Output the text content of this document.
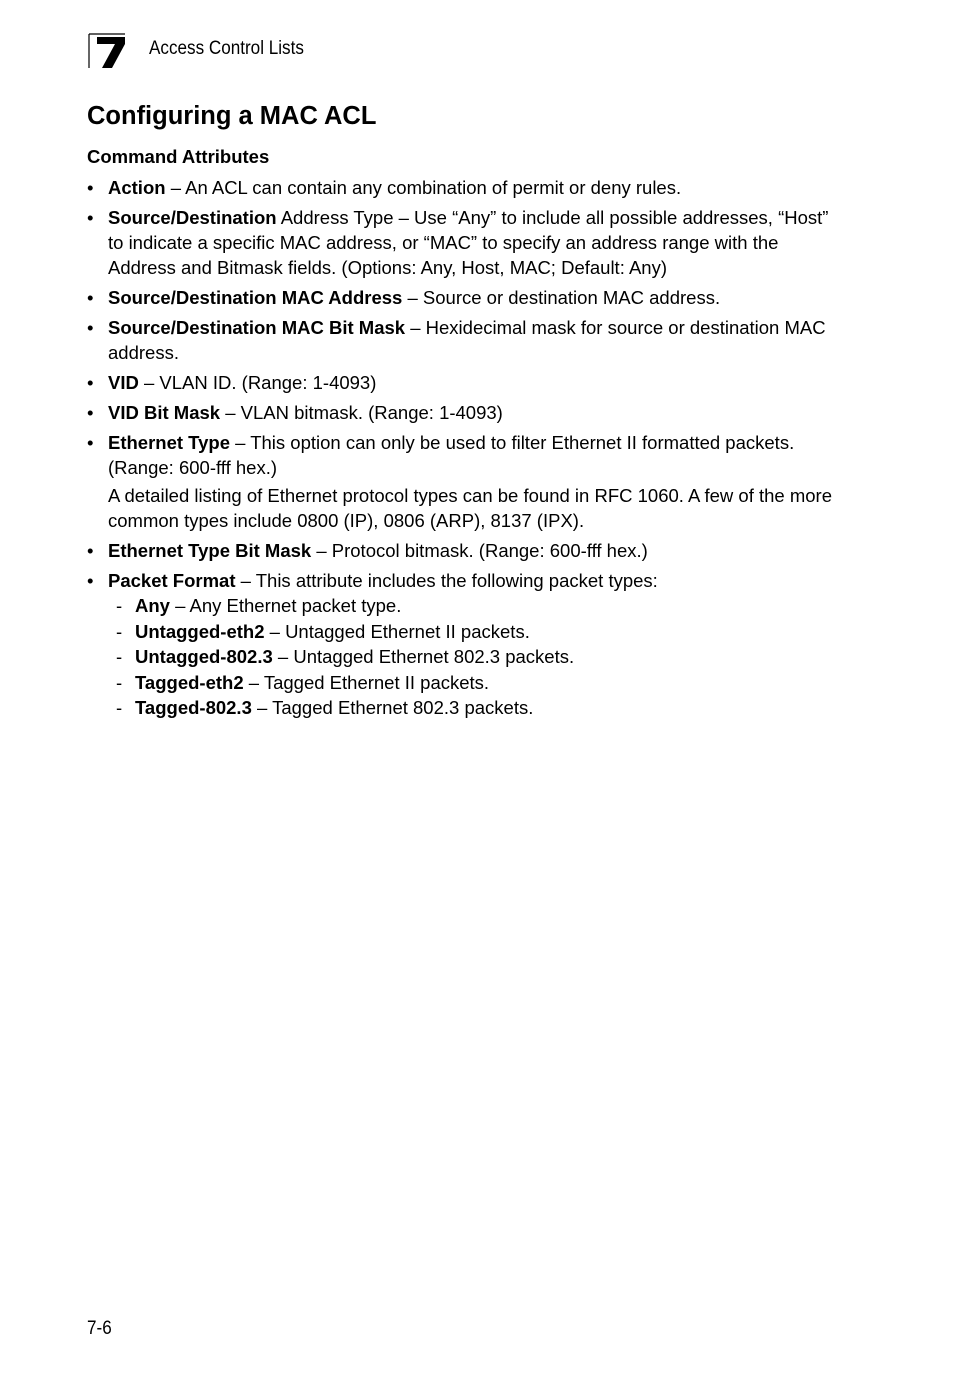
Access Control Lists
Configuring a MAC ACL
Command Attributes
• Action – An ACL can contain any combination of permit or deny rules.
• Source/Destination Address Type – Use “Any” to include all possible addresses, “Host” to indicate a specific MAC address, or “MAC” to specify an address range with the Address and Bitmask fields. (Options: Any, Host, MAC; Default: Any)
• Source/Destination MAC Address – Source or destination MAC address.
• Source/Destination MAC Bit Mask – Hexidecimal mask for source or destination MAC address.
• VID – VLAN ID. (Range: 1-4093)
• VID Bit Mask – VLAN bitmask. (Range: 1-4093)
• Ethernet Type – This option can only be used to filter Ethernet II formatted packets. (Range: 600-fff hex.)
A detailed listing of Ethernet protocol types can be found in RFC 1060. A few of the more common types include 0800 (IP), 0806 (ARP), 8137 (IPX).
• Ethernet Type Bit Mask – Protocol bitmask. (Range: 600-fff hex.)
• Packet Format – This attribute includes the following packet types:
- Any – Any Ethernet packet type.
- Untagged-eth2 – Untagged Ethernet II packets.
- Untagged-802.3 – Untagged Ethernet 802.3 packets.
- Tagged-eth2 – Tagged Ethernet II packets.
- Tagged-802.3 – Tagged Ethernet 802.3 packets.
7-6
